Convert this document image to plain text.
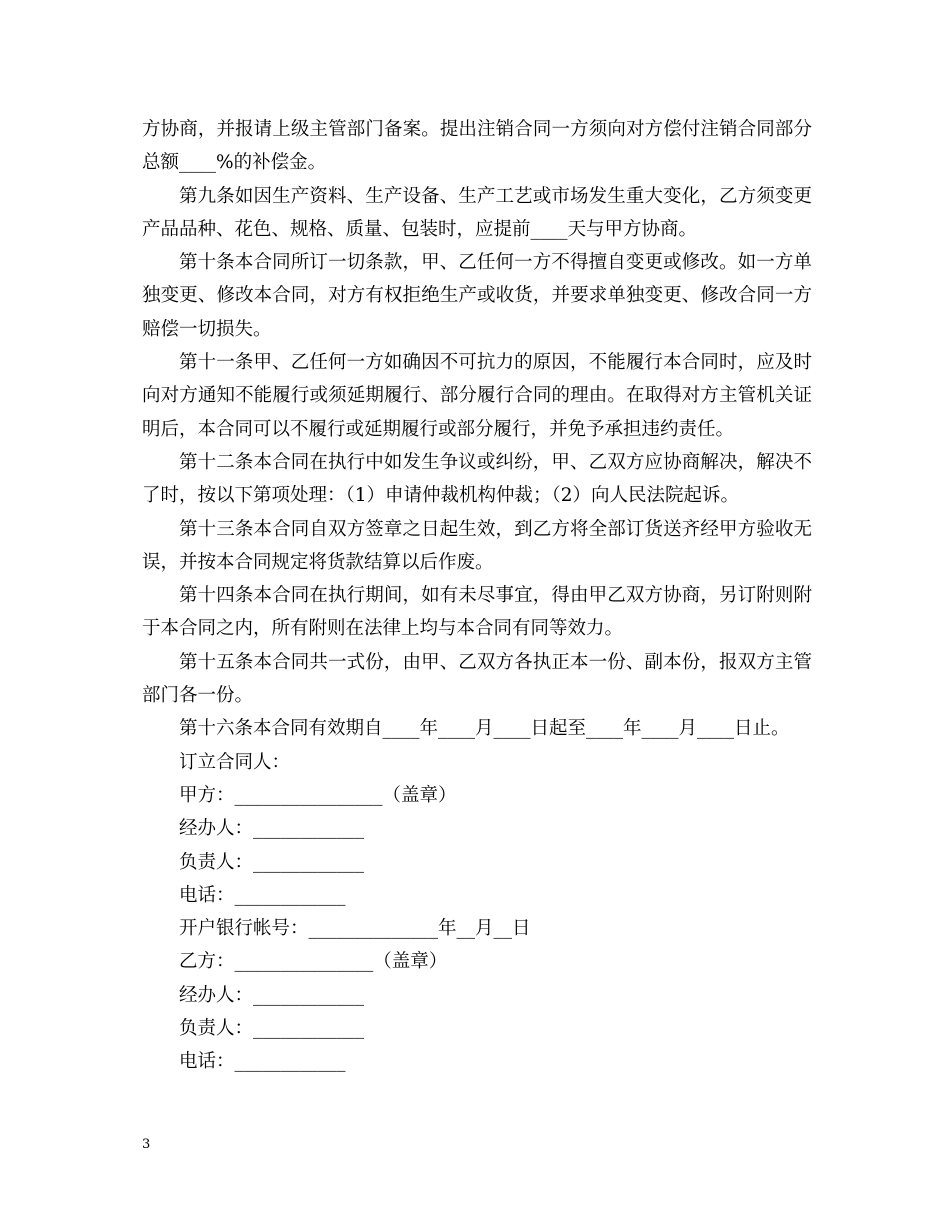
方协商，并报请上级主管部门备案。提出注销合同一方须向对方偿付注销合同部分总额____%的补偿金。

第九条如因生产资料、生产设备、生产工艺或市场发生重大变化，乙方须变更产品品种、花色、规格、质量、包装时，应提前____天与甲方协商。

第十条本合同所订一切条款，甲、乙任何一方不得擅自变更或修改。如一方单独变更、修改本合同，对方有权拒绝生产或收货，并要求单独变更、修改合同一方赔偿一切损失。

第十一条甲、乙任何一方如确因不可抗力的原因，不能履行本合同时，应及时向对方通知不能履行或须延期履行、部分履行合同的理由。在取得对方主管机关证明后，本合同可以不履行或延期履行或部分履行，并免予承担违约责任。

第十二条本合同在执行中如发生争议或纠纷，甲、乙双方应协商解决，解决不了时，按以下第项处理：（1）申请仲裁机构仲裁；（2）向人民法院起诉。

第十三条本合同自双方签章之日起生效，到乙方将全部订货送齐经甲方验收无误，并按本合同规定将货款结算以后作废。

第十四条本合同在执行期间，如有未尽事宜，得由甲乙双方协商，另订附则附于本合同之内，所有附则在法律上均与本合同有同等效力。

第十五条本合同共一式份，由甲、乙双方各执正本一份、副本份，报双方主管部门各一份。

第十六条本合同有效期自____年____月____日起至____年____月____日止。

订立合同人：

甲方：________________（盖章）

经办人：____________

负责人：____________

电话：____________

开户银行帐号：______________年__月__日

乙方：_______________（盖章）

经办人：____________

负责人：____________

电话：____________

3
